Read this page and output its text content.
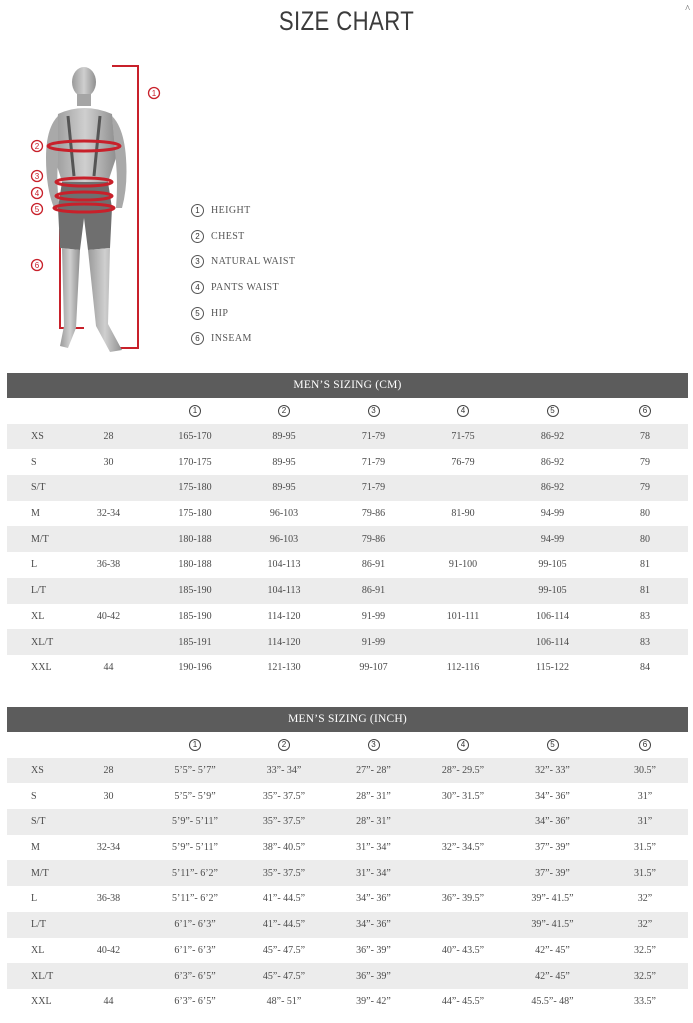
SIZE CHART	^
1
2
3
4
5
6
1	HEIGHT
2	CHEST
3	NATURAL WAIST
4	PANTS WAIST
5	HIP
6	INSEAM
MEN’S SIZING (CM)
		1	2	3	4	5	6
XS	28	165-170	89-95	71-79	71-75	86-92	78
S	30	170-175	89-95	71-79	76-79	86-92	79
S/T		175-180	89-95	71-79		86-92	79
M	32-34	175-180	96-103	79-86	81-90	94-99	80
M/T		180-188	96-103	79-86		94-99	80
L	36-38	180-188	104-113	86-91	91-100	99-105	81
L/T		185-190	104-113	86-91		99-105	81
XL	40-42	185-190	114-120	91-99	101-111	106-114	83
XL/T		185-191	114-120	91-99		106-114	83
XXL	44	190-196	121-130	99-107	112-116	115-122	84
MEN’S SIZING (INCH)
		1	2	3	4	5	6
XS	28	5’5”- 5’7”	33”- 34”	27”- 28”	28”- 29.5”	32”- 33”	30.5”
S	30	5’5”- 5’9”	35”- 37.5”	28”- 31”	30”- 31.5”	34”- 36”	31”
S/T		5’9”- 5’11”	35”- 37.5”	28”- 31”		34”- 36”	31”
M	32-34	5’9”- 5’11”	38”- 40.5”	31”- 34”	32”- 34.5”	37”- 39”	31.5”
M/T		5’11”- 6’2”	35”- 37.5”	31”- 34”		37”- 39”	31.5”
L	36-38	5’11”- 6’2”	41”- 44.5”	34”- 36”	36”- 39.5”	39”- 41.5”	32”
L/T		6’1”- 6’3”	41”- 44.5”	34”- 36”		39”- 41.5”	32”
XL	40-42	6’1”- 6’3”	45”- 47.5”	36”- 39”	40”- 43.5”	42”- 45”	32.5”
XL/T		6’3”- 6’5”	45”- 47.5”	36”- 39”		42”- 45”	32.5”
XXL	44	6’3”- 6’5”	48”- 51”	39”- 42”	44”- 45.5”	45.5”- 48”	33.5”
